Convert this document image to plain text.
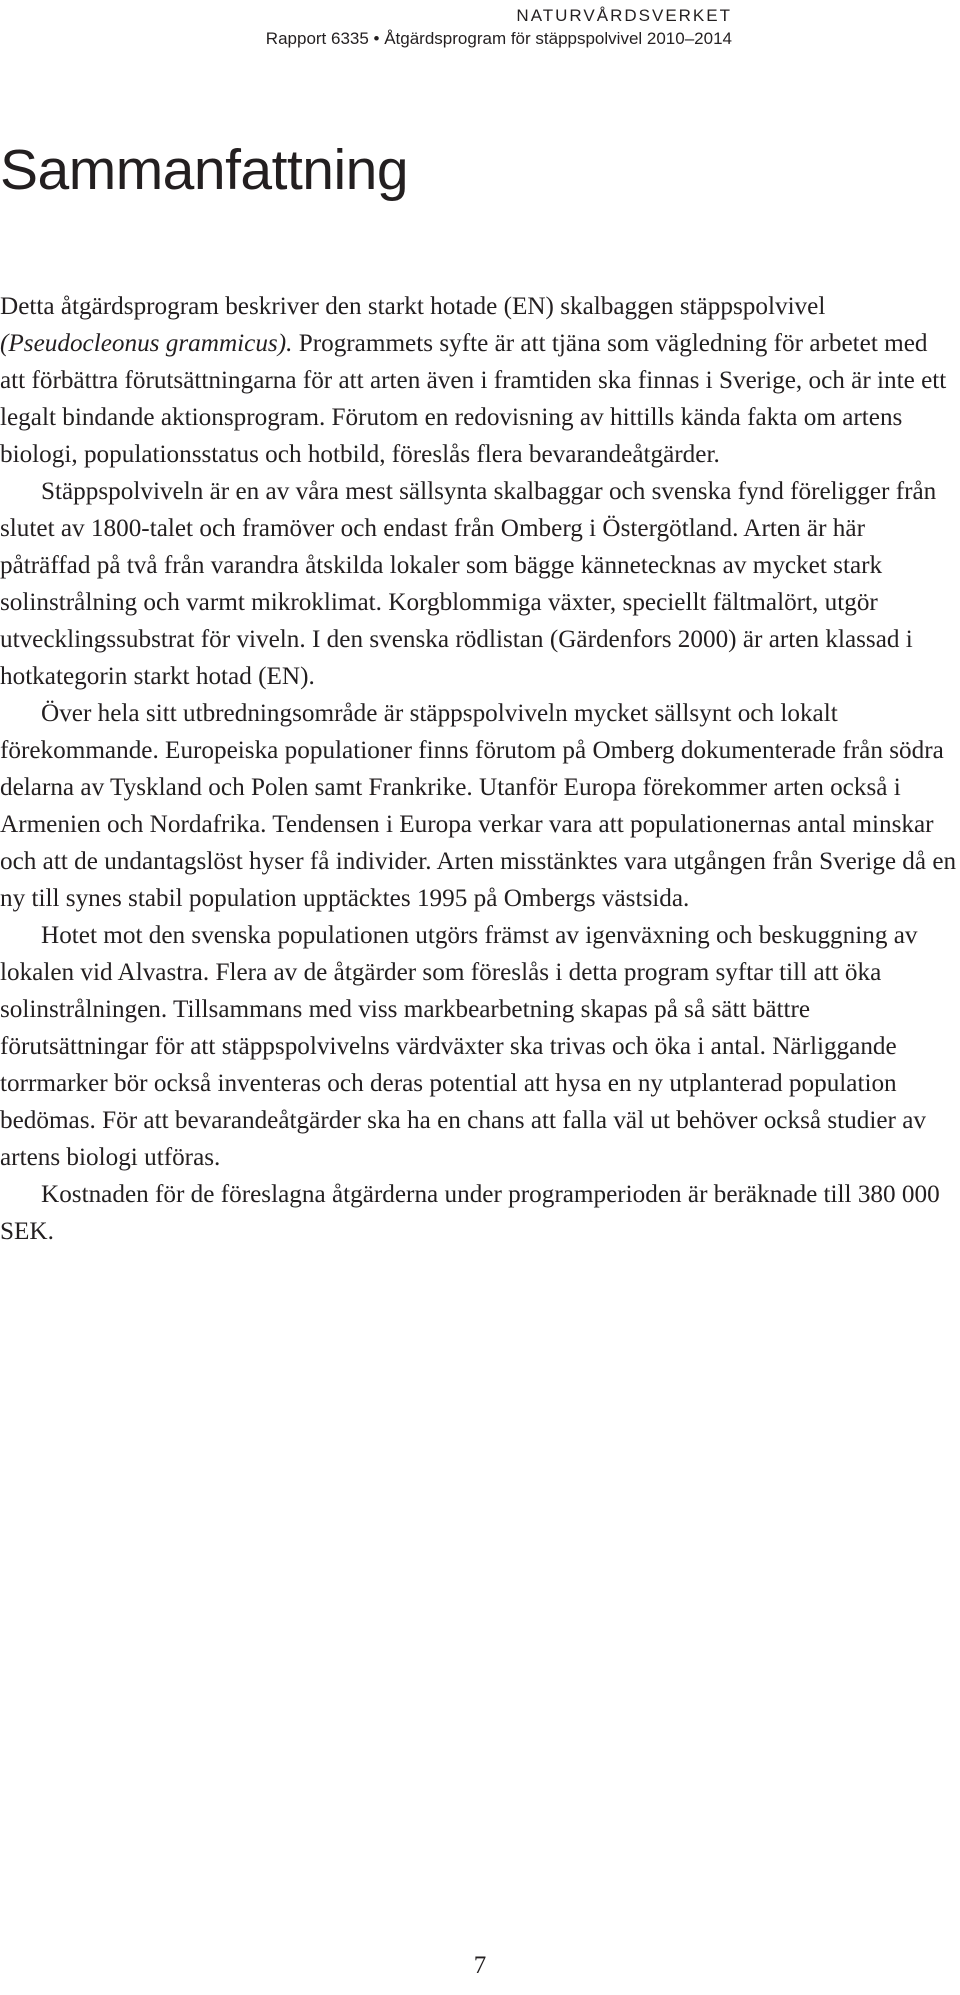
NATURVÅRDSVERKET
Rapport 6335 • Åtgärdsprogram för stäppspolvivel 2010–2014
Sammanfattning

Detta åtgärdsprogram beskriver den starkt hotade (EN) skalbaggen stäppspolvivel (Pseudocleonus grammicus). Programmets syfte är att tjäna som vägledning för arbetet med att förbättra förutsättningarna för att arten även i framtiden ska finnas i Sverige, och är inte ett legalt bindande aktionsprogram. Förutom en redovisning av hittills kända fakta om artens biologi, populationsstatus och hotbild, föreslås flera bevarandeåtgärder.

Stäppspolviveln är en av våra mest sällsynta skalbaggar och svenska fynd föreligger från slutet av 1800-talet och framöver och endast från Omberg i Östergötland. Arten är här påträffad på två från varandra åtskilda lokaler som bägge kännetecknas av mycket stark solinstrålning och varmt mikroklimat. Korgblommiga växter, speciellt fältmalört, utgör utvecklingssubstrat för viveln. I den svenska rödlistan (Gärdenfors 2000) är arten klassad i hotkategorin starkt hotad (EN).

Över hela sitt utbredningsområde är stäppspolviveln mycket sällsynt och lokalt förekommande. Europeiska populationer finns förutom på Omberg dokumenterade från södra delarna av Tyskland och Polen samt Frankrike. Utanför Europa förekommer arten också i Armenien och Nordafrika. Tendensen i Europa verkar vara att populationernas antal minskar och att de undantagslöst hyser få individer. Arten misstänktes vara utgången från Sverige då en ny till synes stabil population upptäcktes 1995 på Ombergs västsida.

Hotet mot den svenska populationen utgörs främst av igenväxning och beskuggning av lokalen vid Alvastra. Flera av de åtgärder som föreslås i detta program syftar till att öka solinstrålningen. Tillsammans med viss markbearbetning skapas på så sätt bättre förutsättningar för att stäppspolvivelns värdväxter ska trivas och öka i antal. Närliggande torrmarker bör också inventeras och deras potential att hysa en ny utplanterad population bedömas. För att bevarandeåtgärder ska ha en chans att falla väl ut behöver också studier av artens biologi utföras.

Kostnaden för de föreslagna åtgärderna under programperioden är beräknade till 380 000 SEK.

7
